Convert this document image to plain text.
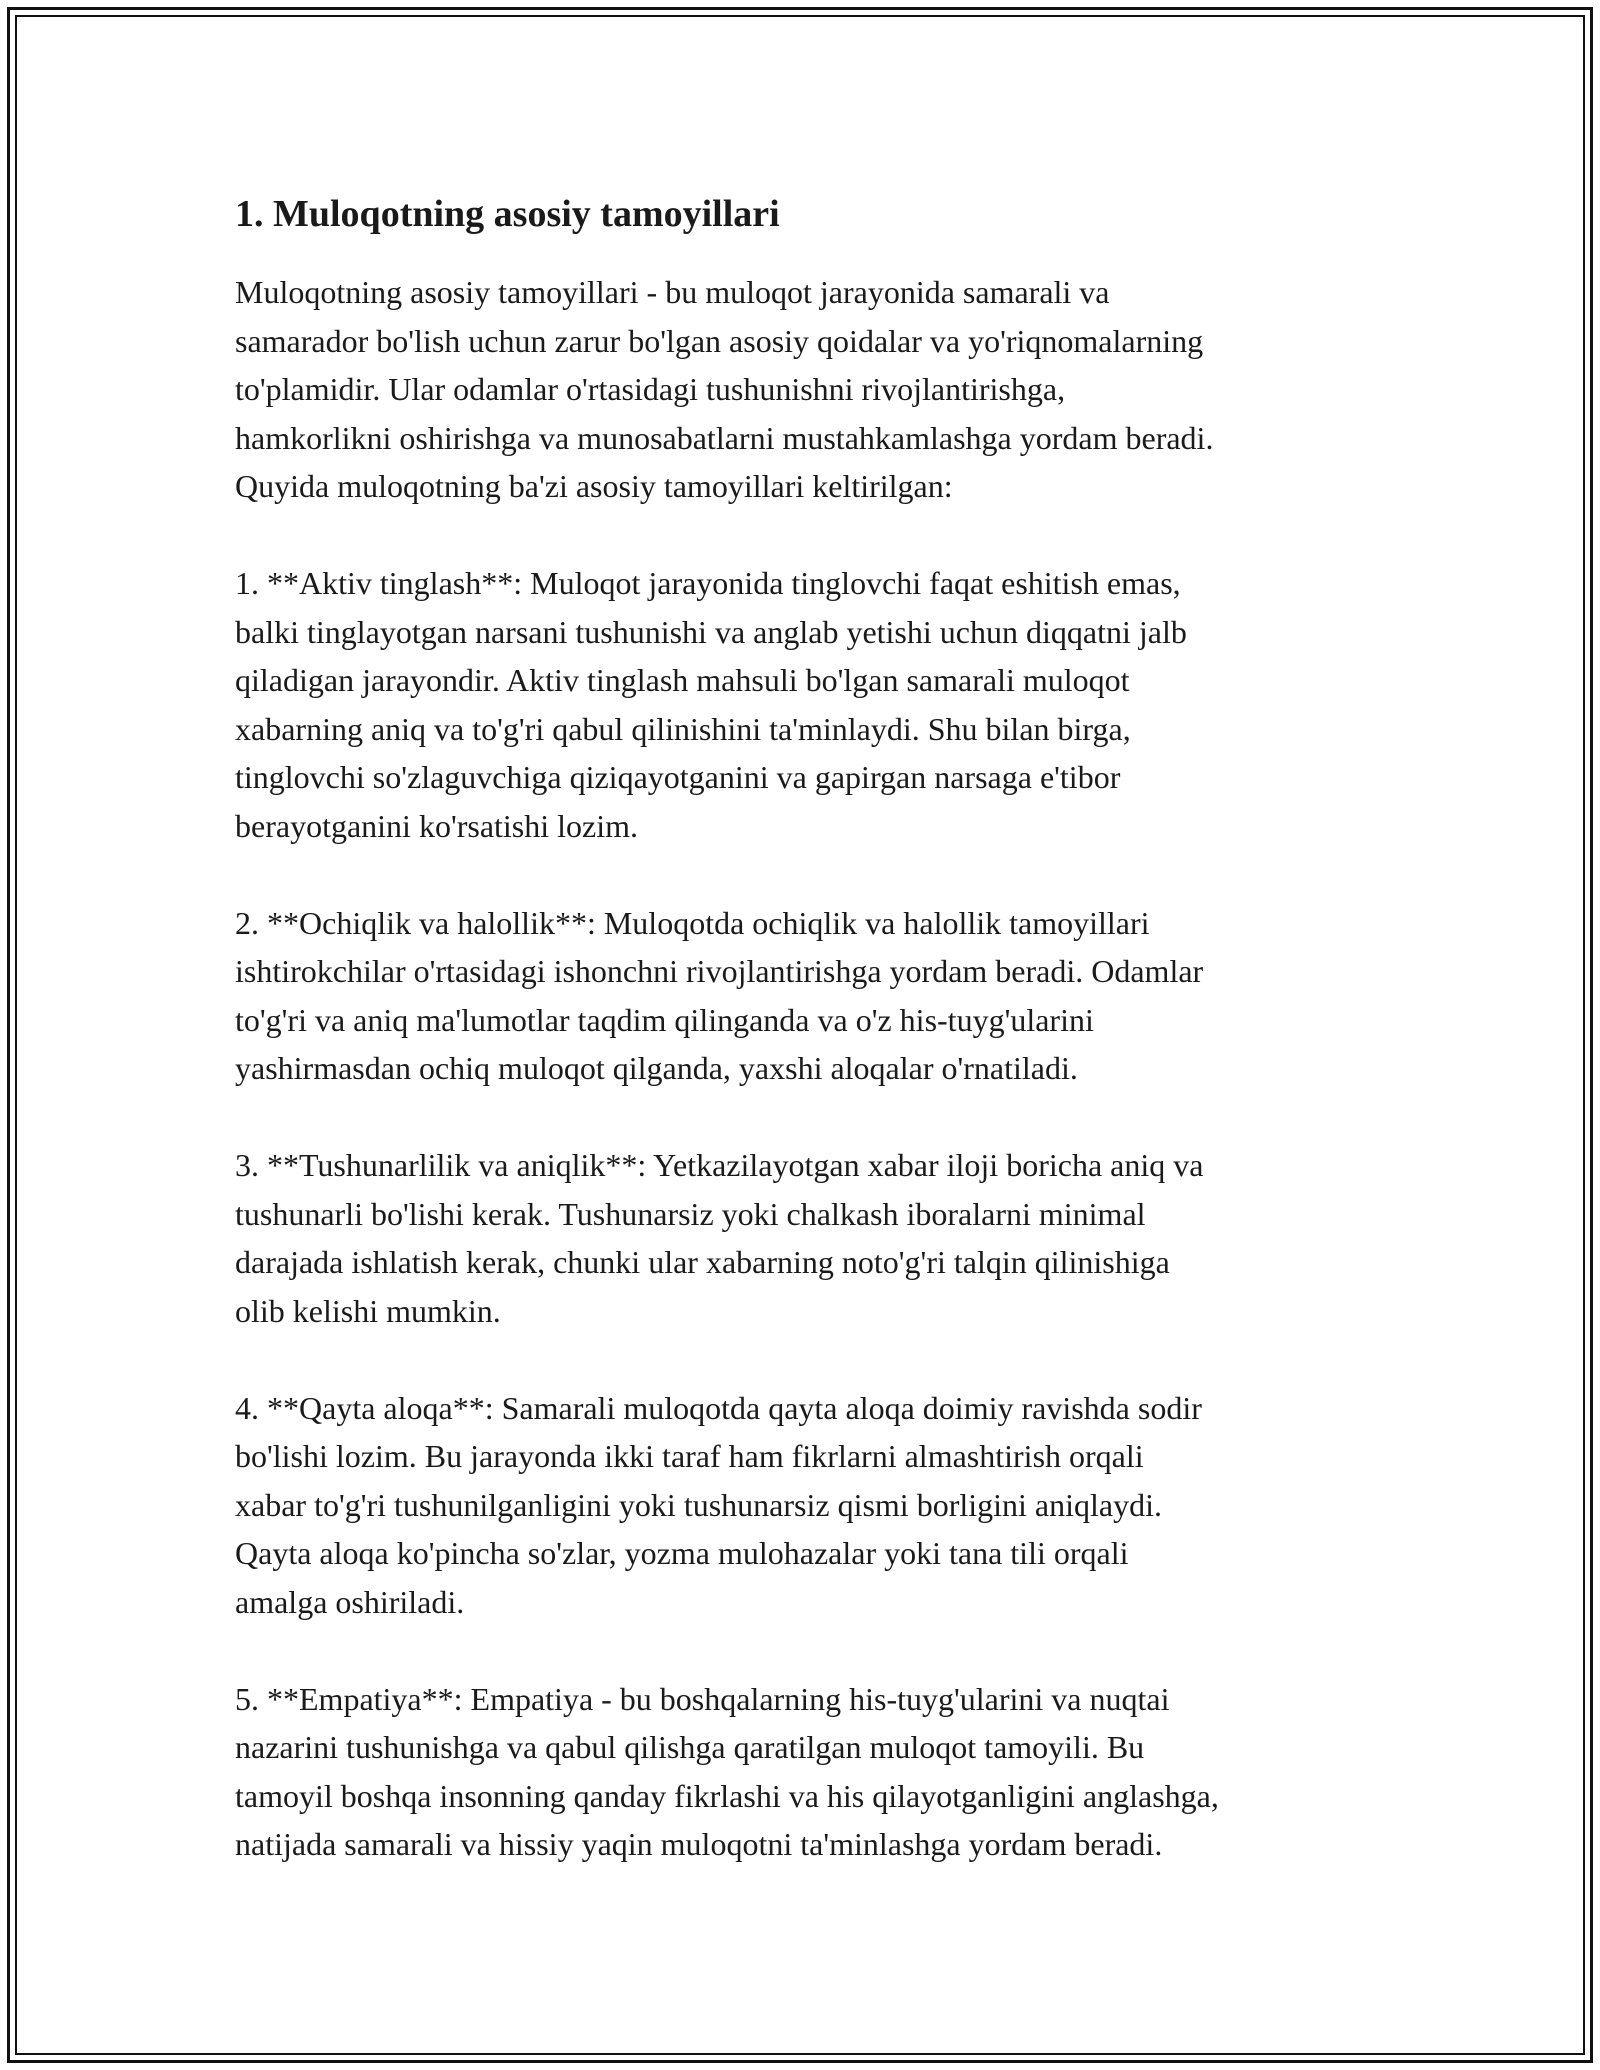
1. Muloqotning asosiy tamoyillari

Muloqotning asosiy tamoyillari - bu muloqot jarayonida samarali va
samarador bo'lish uchun zarur bo'lgan asosiy qoidalar va yo'riqnomalarning
to'plamidir. Ular odamlar o'rtasidagi tushunishni rivojlantirishga,
hamkorlikni oshirishga va munosabatlarni mustahkamlashga yordam beradi.
Quyida muloqotning ba'zi asosiy tamoyillari keltirilgan:

1. **Aktiv tinglash**: Muloqot jarayonida tinglovchi faqat eshitish emas,
balki tinglayotgan narsani tushunishi va anglab yetishi uchun diqqatni jalb
qiladigan jarayondir. Aktiv tinglash mahsuli bo'lgan samarali muloqot
xabarning aniq va to'g'ri qabul qilinishini ta'minlaydi. Shu bilan birga,
tinglovchi so'zlaguvchiga qiziqayotganini va gapirgan narsaga e'tibor
berayotganini ko'rsatishi lozim.

2. **Ochiqlik va halollik**: Muloqotda ochiqlik va halollik tamoyillari
ishtirokchilar o'rtasidagi ishonchni rivojlantirishga yordam beradi. Odamlar
to'g'ri va aniq ma'lumotlar taqdim qilinganda va o'z his-tuyg'ularini
yashirmasdan ochiq muloqot qilganda, yaxshi aloqalar o'rnatiladi.

3. **Tushunarlilik va aniqlik**: Yetkazilayotgan xabar iloji boricha aniq va
tushunarli bo'lishi kerak. Tushunarsiz yoki chalkash iboralarni minimal
darajada ishlatish kerak, chunki ular xabarning noto'g'ri talqin qilinishiga
olib kelishi mumkin.

4. **Qayta aloqa**: Samarali muloqotda qayta aloqa doimiy ravishda sodir
bo'lishi lozim. Bu jarayonda ikki taraf ham fikrlarni almashtirish orqali
xabar to'g'ri tushunilganligini yoki tushunarsiz qismi borligini aniqlaydi.
Qayta aloqa ko'pincha so'zlar, yozma mulohazalar yoki tana tili orqali
amalga oshiriladi.

5. **Empatiya**: Empatiya - bu boshqalarning his-tuyg'ularini va nuqtai
nazarini tushunishga va qabul qilishga qaratilgan muloqot tamoyili. Bu
tamoyil boshqa insonning qanday fikrlashi va his qilayotganligini anglashga,
natijada samarali va hissiy yaqin muloqotni ta'minlashga yordam beradi.
